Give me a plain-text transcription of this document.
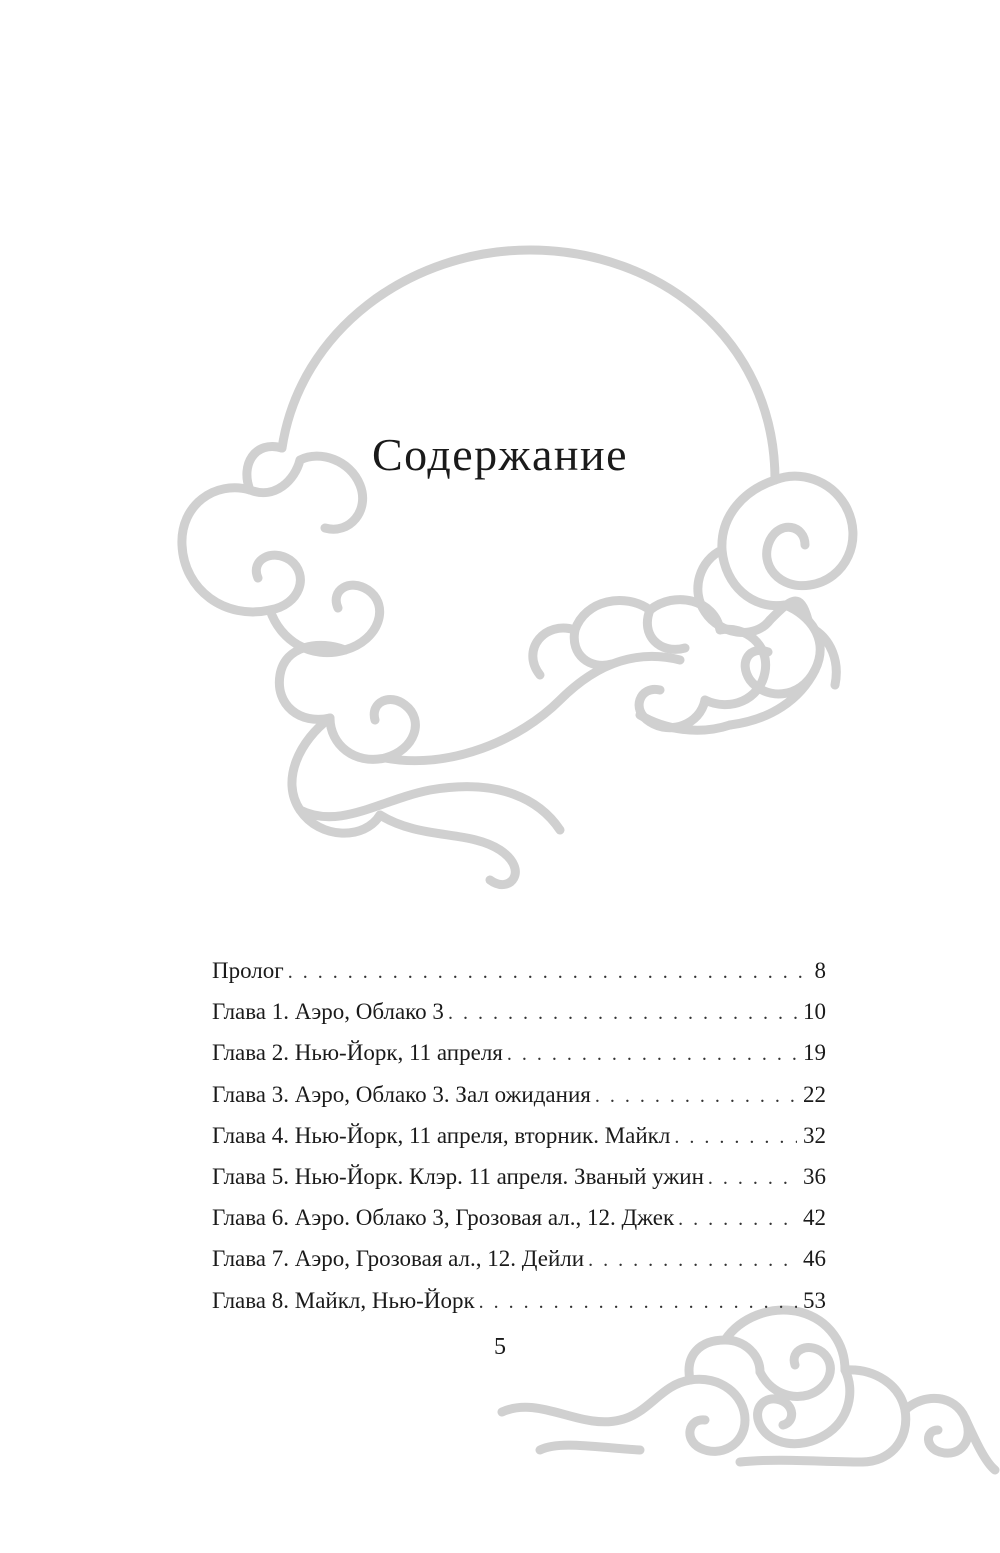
Содержание
Пролог . . .	8
Глава 1. Аэро, Облако 3 . . .	10
Глава 2. Нью-Йорк, 11 апреля . . .	19
Глава 3. Аэро, Облако 3. Зал ожидания . . .	22
Глава 4. Нью-Йорк, 11 апреля, вторник. Майкл . . .	32
Глава 5. Нью-Йорк. Клэр. 11 апреля. Званый ужин . . .	36
Глава 6. Аэро. Облако 3, Грозовая ал., 12. Джек . . .	42
Глава 7. Аэро, Грозовая ал., 12. Дейли . . .	46
Глава 8. Майкл, Нью-Йорк . . .	53
5
